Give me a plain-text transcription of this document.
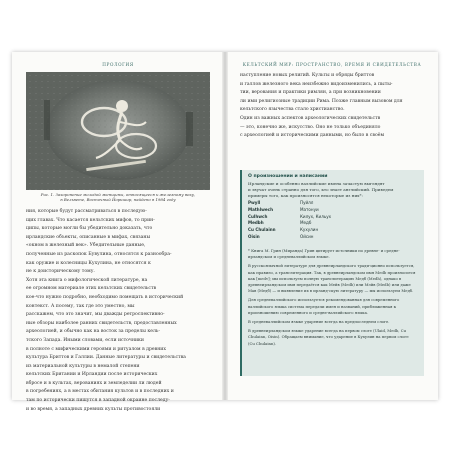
ПРОЛОГИЯ
Рис. 1. Захоронение молодой женщины, относящееся к железному веку,
в Вельвете, Восточный Йоркшир, найдено в 1984 году
ния, которые будут рассматриваться в последую-
щих главах. Что касается кельтских мифов, то прин-
ципы, которые могли бы убедительно доказать, что
ирландские объекты, описанные в мифах, связаны
«окном в железный век». Убедительные данные,
полученные из раскопок Бувулина, относятся к разнообра-
как оружие и колесницы Кухулина, не относятся к
не к доисторическому тому.
Хотя эта книга о мифологической литературе, на
ее огромном материале этих кельтских свидетельств
кое-что нужно подробно, необходимо помещать в исторический
контекст. А посему, так где это уместно, мы
расскажем, что это значит, мы дважды ретроспективно-
ные обзоры наиболее ранних свидетельств, предоставленных
археологией, и обычно как на восток за пределы кель-
тского Запада. Иными словами, если источники
в полноте с мифическими героями и ритуалом в древних
культура Бриттов и Галлии. Данные литературы и свидетельства
из материальной культуры в немалой степени
кельтских Британии и Ирландии после исторических
вбросе и в культах, верованиях и земледелии ли людей
в погребениях, а в местах обитания культов и в последних и
там по исторически пишутся в западной окраине последу-
и во время, а западных древних культы противостояли
КЕЛЬТСКИЙ МИР: ПРОСТРАНСТВО, ВРЕМЯ И СВИДЕТЕЛЬСТВА
наступление новых религий. Культы и обряды бриттов
и галлов железного века неизбежно видоизменились, а пыты-
тии, верования и практики римлян, а при возникновении
ли ими религиозные традиции Рима. Позже главным вызовом для
кельтского язычества стало христианство.
Один из важных аспектов археологических свидетельств
— это, конечно же, искусство. Оно не только объединяло
с археологией и историческими данными, но было в своём
О произношении и написании
Ирландские и особенно валлийские имена зачастую выглядят
и звучат очень странно для того, кто знает английский. Приведем
примеры того, как произносятся некоторые из них*:
Pwyll	Пуйлл
Mathlwech	Матонуи
Culhwch	Килух, Кильух
Medbh	Медб
Cu Chulainn	Кухулин
Oisin	Ойсин

* Книга М. Грин (Миранда) Грин цитирует источники по древне- и средне-ирландском и средневаллийском языке.

В русскоязычной литературе для древнеирландского тради-ционно используется, как правило, а транслитерация. Так, в древнеирландском имя Medb произносится как [medv]; мы используем полную транслитерацию Медб (Medh), однако в древнеирландском имя передаётся как Мейв (Medb) или Мэйв (Medb) или даже Мав (Медб) — и выявление их в ирланд-скую литературу — мы используем Медб.

Для средневаллийского используется рекомендованная для современного валлийского языка система передачи имен и названий, приближенная к произношению современного и средне-валлийского языка.

В средневаллийском языке ударение всегда на предпоследнем слоге.

В древнеирландском языке ударение всегда на первом слоге (Ulaid, Medb, Cu Chulainn, Oisin). Обращаем внимание, что ударение в Кухулин на первом слоге (Cu Chulainn).
